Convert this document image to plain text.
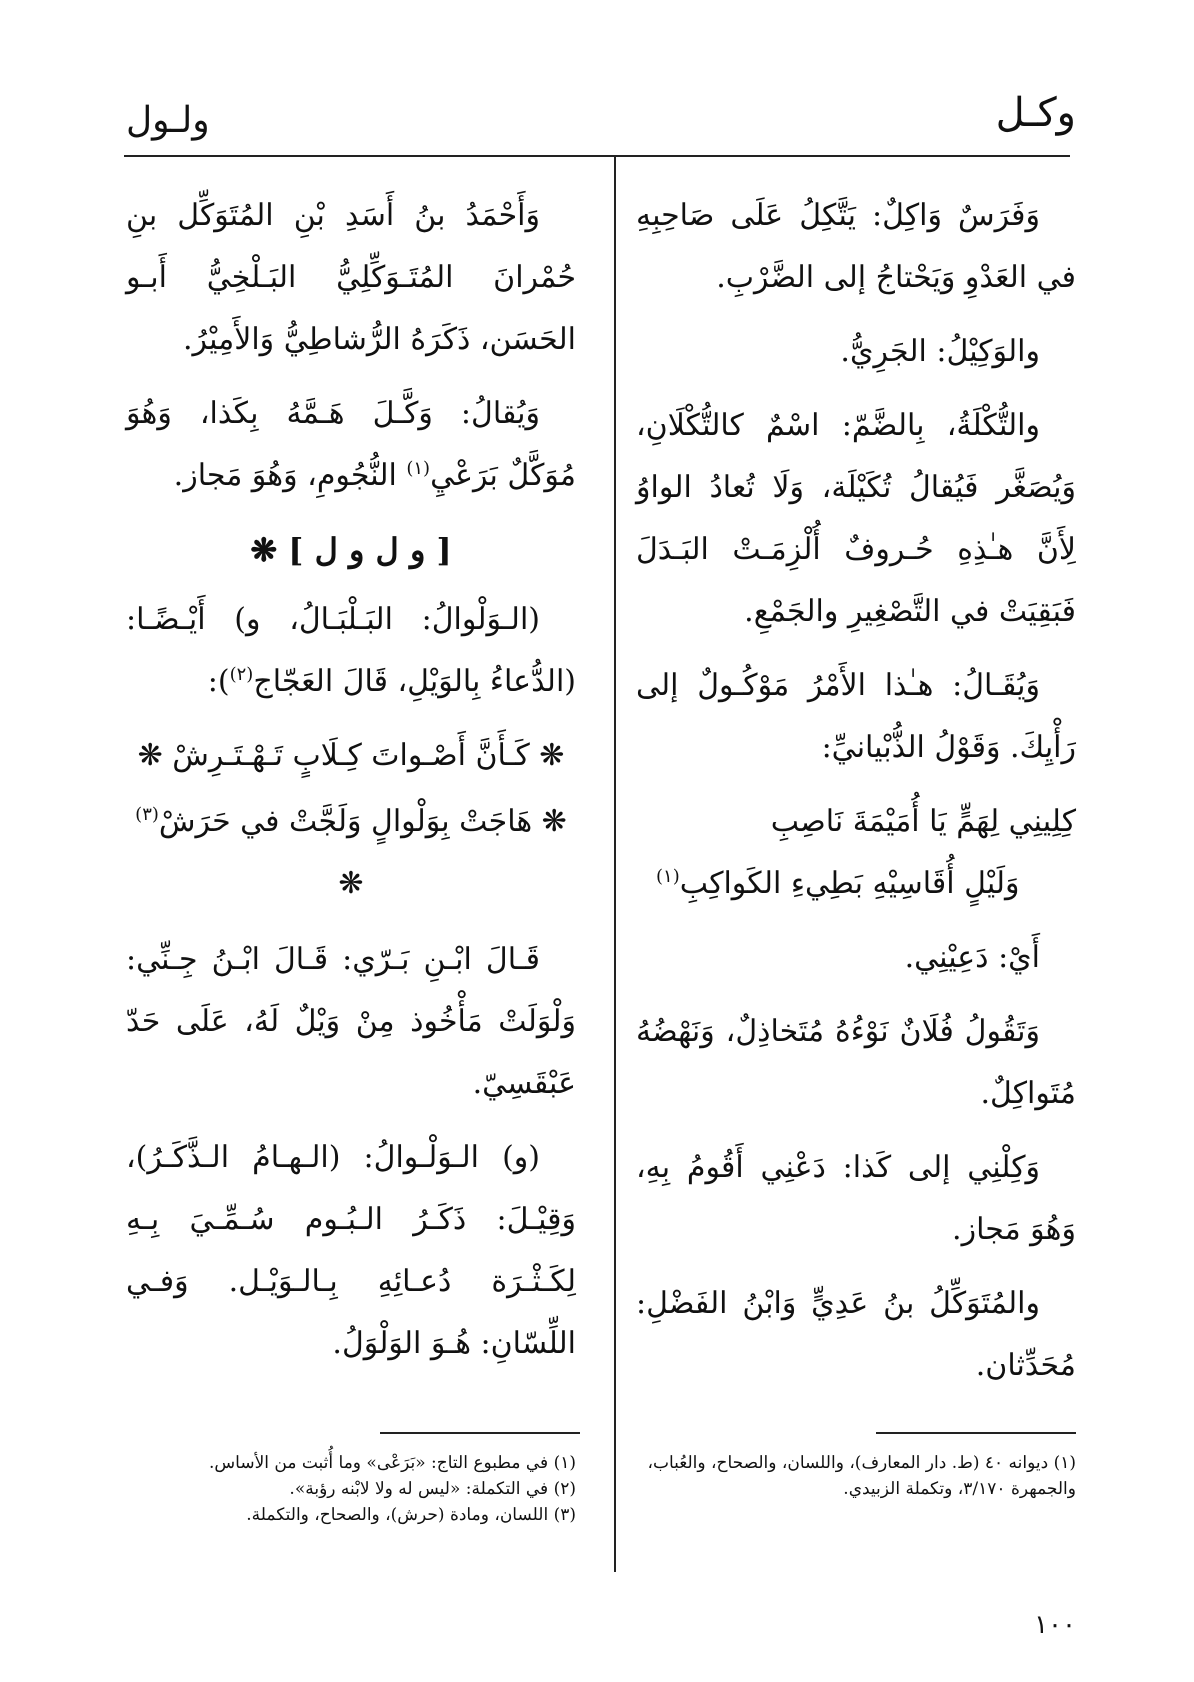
وكـل
ولـول

وَفَرَسٌ وَاكِلٌ: يَتَّكِلُ عَلَى صَاحِبِهِ في العَدْوِ وَيَحْتاجُ إلى الضَّرْبِ.

والوَكِيْلُ: الجَرِيُّ.

والتُّكْلَةُ، بِالضَّمّ: اسْمٌ كالتُّكْلَانِ، وَيُصَغَّر فَيُقالُ تُكَيْلَة، وَلَا تُعادُ الواوُ لِأَنَّ هـٰذِهِ حُـروفٌ أُلْزِمَـتْ البَـدَلَ فَبَقِيَتْ في التَّصْغِيرِ والجَمْعِ.

وَيُقَـالُ: هـٰذا الأَمْرُ مَوْكُـولٌ إلى رَأْيِكَ. وَقَوْلُ الذُّبْيانيِّ:

كِلِينِي لِهَمٍّ يَا أُمَيْمَةَ نَاصِبِ

وَلَيْلٍ أُقَاسِيْهِ بَطِيءِ الكَواكِبِ$^{(١)}$

أَيْ: دَعِيْنِي.

وَتَقُولُ فُلَانٌ نَوْءُهُ مُتَخاذِلٌ، وَنَهْضُهُ مُتَواكِلٌ.

وَكِلْنِي إلى كَذا: دَعْنِي أَقُومُ بِهِ، وَهُوَ مَجاز.

والمُتَوَكِّلُ بنُ عَدِيٍّ وَابْنُ الفَضْلِ: مُحَدِّثان.

وَأَحْمَدُ بنُ أَسَدِ بْنِ المُتَوَكِّل بنِ حُمْرانَ المُتَـوَكِّلِيُّ البَـلْخِيُّ أَبـو الحَسَن، ذَكَرَهُ الرُّشاطِيُّ وَالأَمِيْرُ.

وَيُقالُ: وَكَّـلَ هَـمَّهُ بِكَذا، وَهُوَ مُوَكَّلٌ بَرَعْيِ$^{(١)}$ النُّجُومِ، وَهُوَ مَجاز.

[ و ل و ل ] ❋

(الـوَلْوالُ: البَـلْبَـالُ، و) أَيْـضًـا: (الدُّعاءُ بِالوَيْلِ، قَالَ العَجّاج$^{(٢)}$):

❋ كَـأَنَّ أَصْـواتَ كِـلَابٍ تَـهْـتَـرِشْ ❋

❋ هَاجَتْ بِوَلْوالٍ وَلَجَّتْ في حَرَشْ$^{(٣)}$ ❋

قَـالَ ابْـنِ بَـرّي: قَـالَ ابْـنُ جِـنِّي: وَلْوَلَتْ مَأْخُوذ مِنْ وَيْلٌ لَهُ، عَلَى حَدّ عَبْقَسِيّ.

(و) الـوَلْـوالُ: (الـهـامُ الـذَّكَـرُ)، وَقِيْـلَ: ذَكَـرُ الـبُـوم سُـمِّـيَ بِـهِ لِكَـثْـرَة دُعـائِهِ بِـالـوَيْـل. وَفـي اللِّسّانِ: هُـوَ الوَلْوَلُ.

(١) ديوانه ٤٠ (ط. دار المعارف)، واللسان، والصحاح، والعُباب، والجمهرة ٣/١٧٠، وتكملة الزبيدي.

(١) في مطبوع التاج: «بَرَعْى» وما أُثبت من الأساس.

(٢) في التكملة: «ليس له ولا لابْنه رؤبة».

(٣) اللسان، ومادة (حرش)، والصحاح، والتكملة.

١٠٠
